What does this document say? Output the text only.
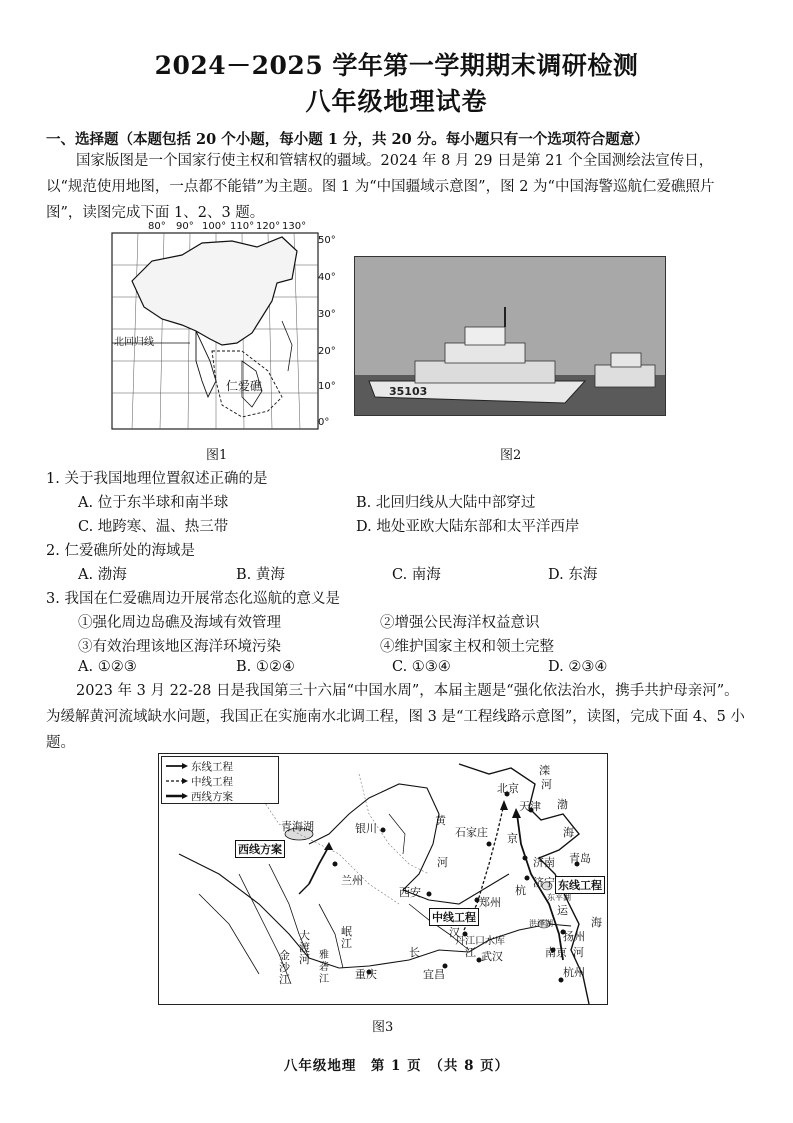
2024－2025 学年第一学期期末调研检测
八年级地理试卷
一、选择题（本题包括 20 个小题，每小题 1 分，共 20 分。每小题只有一个选项符合题意）
国家版图是一个国家行使主权和管辖权的疆域。2024 年 8 月 29 日是第 21 个全国测绘法宣传日，以“规范使用地图，一点都不能错”为主题。图 1 为“中国疆域示意图”，图 2 为“中国海警巡航仁爱礁照片图”，读图完成下面 1、2、3 题。
80° 90° 100° 110° 120° 130°
50°
40°
30°
20°
10°
0°
北回归线
仁爱礁
图1
35103
图2
1. 关于我国地理位置叙述正确的是
A. 位于东半球和南半球	B. 北回归线从大陆中部穿过
C. 地跨寒、温、热三带	D. 地处亚欧大陆东部和太平洋西岸
2. 仁爱礁所处的海域是
A. 渤海	B. 黄海	C. 南海	D. 东海
3. 我国在仁爱礁周边开展常态化巡航的意义是
①强化周边岛礁及海域有效管理	②增强公民海洋权益意识
③有效治理该地区海洋环境污染	④维护国家主权和领土完整
A. ①②③	B. ①②④	C. ①③④	D. ②③④
2023 年 3 月 22-28 日是我国第三十六届“中国水周”，本届主题是“强化依法治水，携手共护母亲河”。为缓解黄河流域缺水问题，我国正在实施南水北调工程，图 3 是“工程线路示意图”，读图，完成下面 4、5 小题。
东线工程
中线工程
西线方案
滦
河
北京
天津 渤
海
银川
黄
河
石家庄 京
青海湖
西线方案
兰州
西安
济南
济宁
青岛
东线工程
郑州
中线工程
杭
运
东平湖
洪泽湖
丹江口水库	扬州
汉
南京
海
大渡河
金沙江
雅砻江
岷江
长
宜昌
江 武汉
重庆	杭州
河
图3
八年级地理　第 1 页　（共 8 页）
